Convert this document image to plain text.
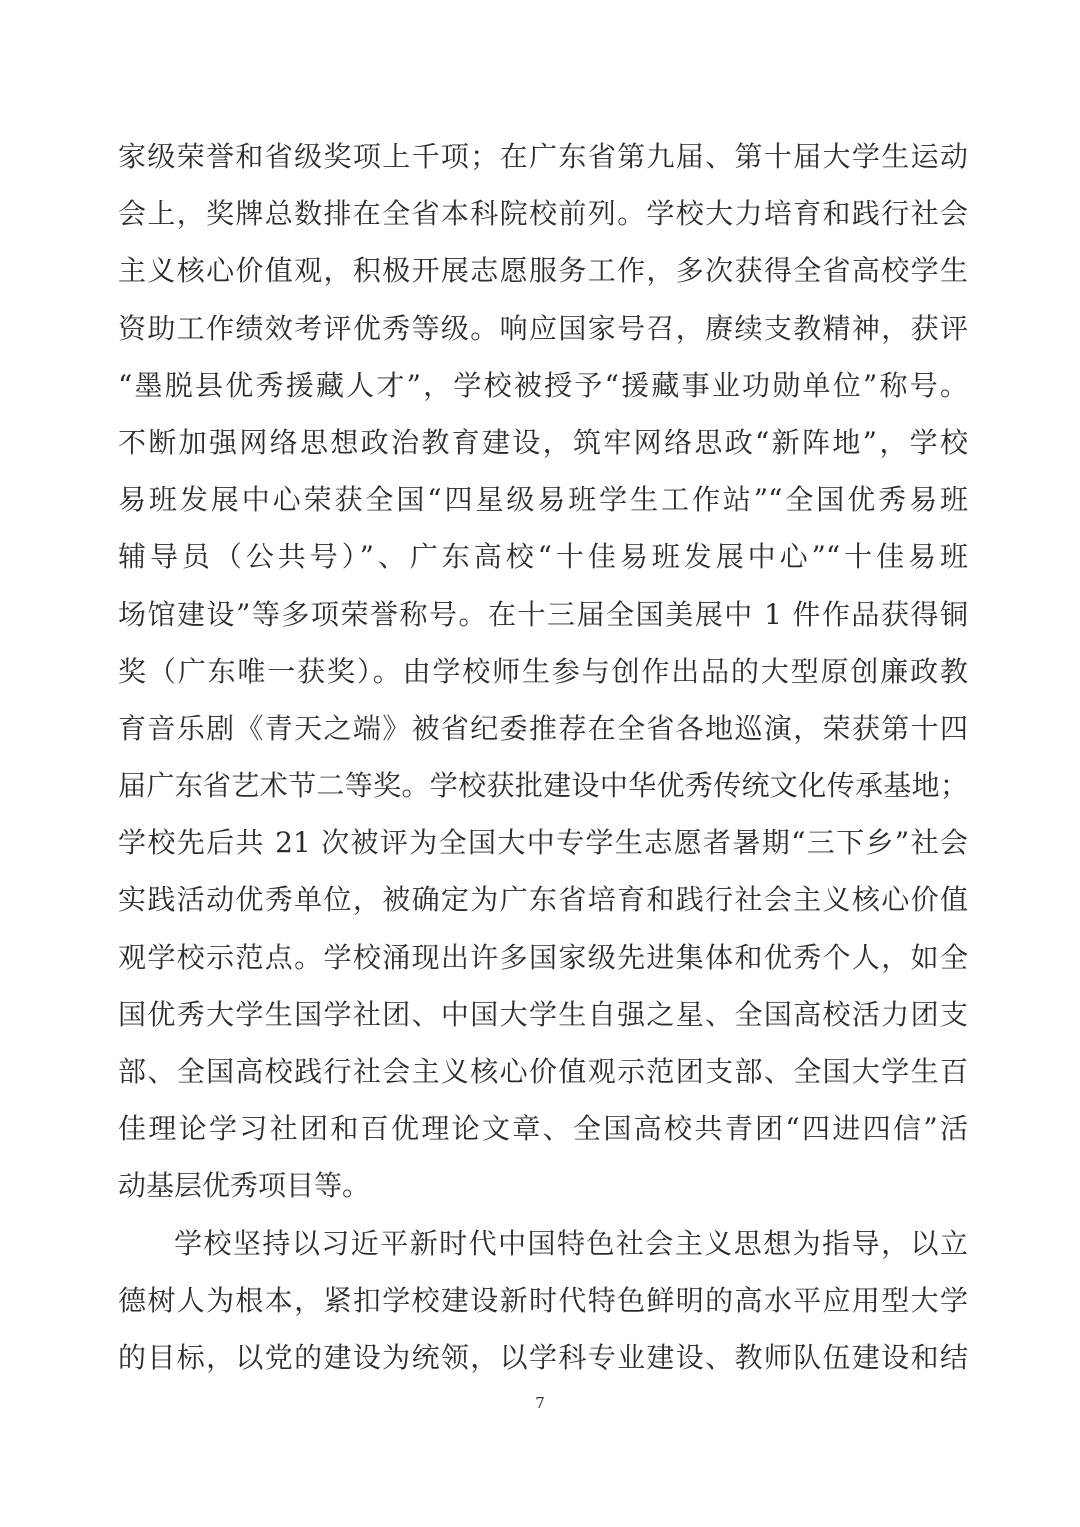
家级荣誉和省级奖项上千项；在广东省第九届、第十届大学生运动
会上，奖牌总数排在全省本科院校前列。学校大力培育和践行社会
主义核心价值观，积极开展志愿服务工作，多次获得全省高校学生
资助工作绩效考评优秀等级。响应国家号召，赓续支教精神，获评
“墨脱县优秀援藏人才”，学校被授予“援藏事业功勋单位”称号。
不断加强网络思想政治教育建设，筑牢网络思政“新阵地”，学校
易班发展中心荣获全国“四星级易班学生工作站”“全国优秀易班
辅导员（公共号）”、广东高校“十佳易班发展中心”“十佳易班
场馆建设”等多项荣誉称号。在十三届全国美展中 1 件作品获得铜
奖（广东唯一获奖）。由学校师生参与创作出品的大型原创廉政教
育音乐剧《青天之端》被省纪委推荐在全省各地巡演，荣获第十四
届广东省艺术节二等奖。学校获批建设中华优秀传统文化传承基地；
学校先后共 21 次被评为全国大中专学生志愿者暑期“三下乡”社会
实践活动优秀单位，被确定为广东省培育和践行社会主义核心价值
观学校示范点。学校涌现出许多国家级先进集体和优秀个人，如全
国优秀大学生国学社团、中国大学生自强之星、全国高校活力团支
部、全国高校践行社会主义核心价值观示范团支部、全国大学生百
佳理论学习社团和百优理论文章、全国高校共青团“四进四信”活
动基层优秀项目等。
学校坚持以习近平新时代中国特色社会主义思想为指导，以立
德树人为根本，紧扣学校建设新时代特色鲜明的高水平应用型大学
的目标，以党的建设为统领，以学科专业建设、教师队伍建设和结
7
